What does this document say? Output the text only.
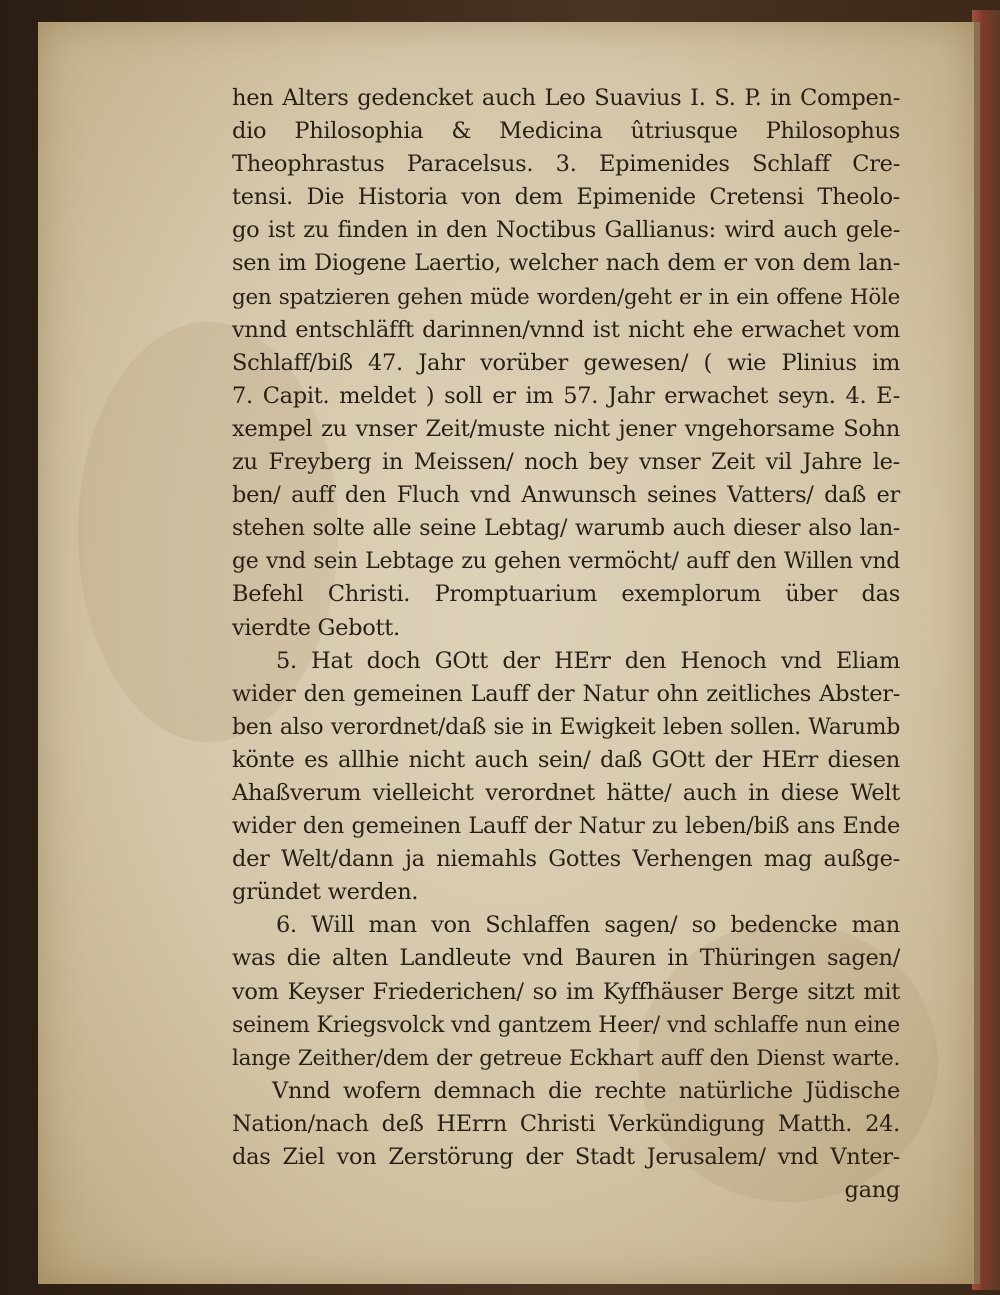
hen Alters gedencket auch Leo Suavius I. S. P. in Compen-
dio Philosophia & Medicina ûtriusque Philosophus
Theophrastus Paracelsus. 3. Epimenides Schlaff Cre-
tensi. Die Historia von dem Epimenide Cretensi Theolo-
go ist zu finden in den Noctibus Gallianus: wird auch gele-
sen im Diogene Laertio, welcher nach dem er von dem lan-
gen spatzieren gehen müde worden/geht er in ein offene Höle
vnnd entschläfft darinnen/vnnd ist nicht ehe erwachet vom
Schlaff/biß 47. Jahr vorüber gewesen/ ( wie Plinius im
7. Capit. meldet ) soll er im 57. Jahr erwachet seyn. 4. E-
xempel zu vnser Zeit/muste nicht jener vngehorsame Sohn
zu Freyberg in Meissen/ noch bey vnser Zeit vil Jahre le-
ben/ auff den Fluch vnd Anwunsch seines Vatters/ daß er
stehen solte alle seine Lebtag/ warumb auch dieser also lan-
ge vnd sein Lebtage zu gehen vermöcht/ auff den Willen vnd
Befehl Christi. Promptuarium exemplorum über das
vierdte Gebott.
5. Hat doch GOtt der HErr den Henoch vnd Eliam
wider den gemeinen Lauff der Natur ohn zeitliches Abster-
ben also verordnet/daß sie in Ewigkeit leben sollen. Warumb
könte es allhie nicht auch sein/ daß GOtt der HErr diesen
Ahaßverum vielleicht verordnet hätte/ auch in diese Welt
wider den gemeinen Lauff der Natur zu leben/biß ans Ende
der Welt/dann ja niemahls Gottes Verhengen mag außge-
gründet werden.
6. Will man von Schlaffen sagen/ so bedencke man
was die alten Landleute vnd Bauren in Thüringen sagen/
vom Keyser Friederichen/ so im Kyffhäuser Berge sitzt mit
seinem Kriegsvolck vnd gantzem Heer/ vnd schlaffe nun eine
lange Zeither/dem der getreue Eckhart auff den Dienst warte.
Vnnd wofern demnach die rechte natürliche Jüdische
Nation/nach deß HErrn Christi Verkündigung Matth. 24.
das Ziel von Zerstörung der Stadt Jerusalem/ vnd Vnter-
gang
